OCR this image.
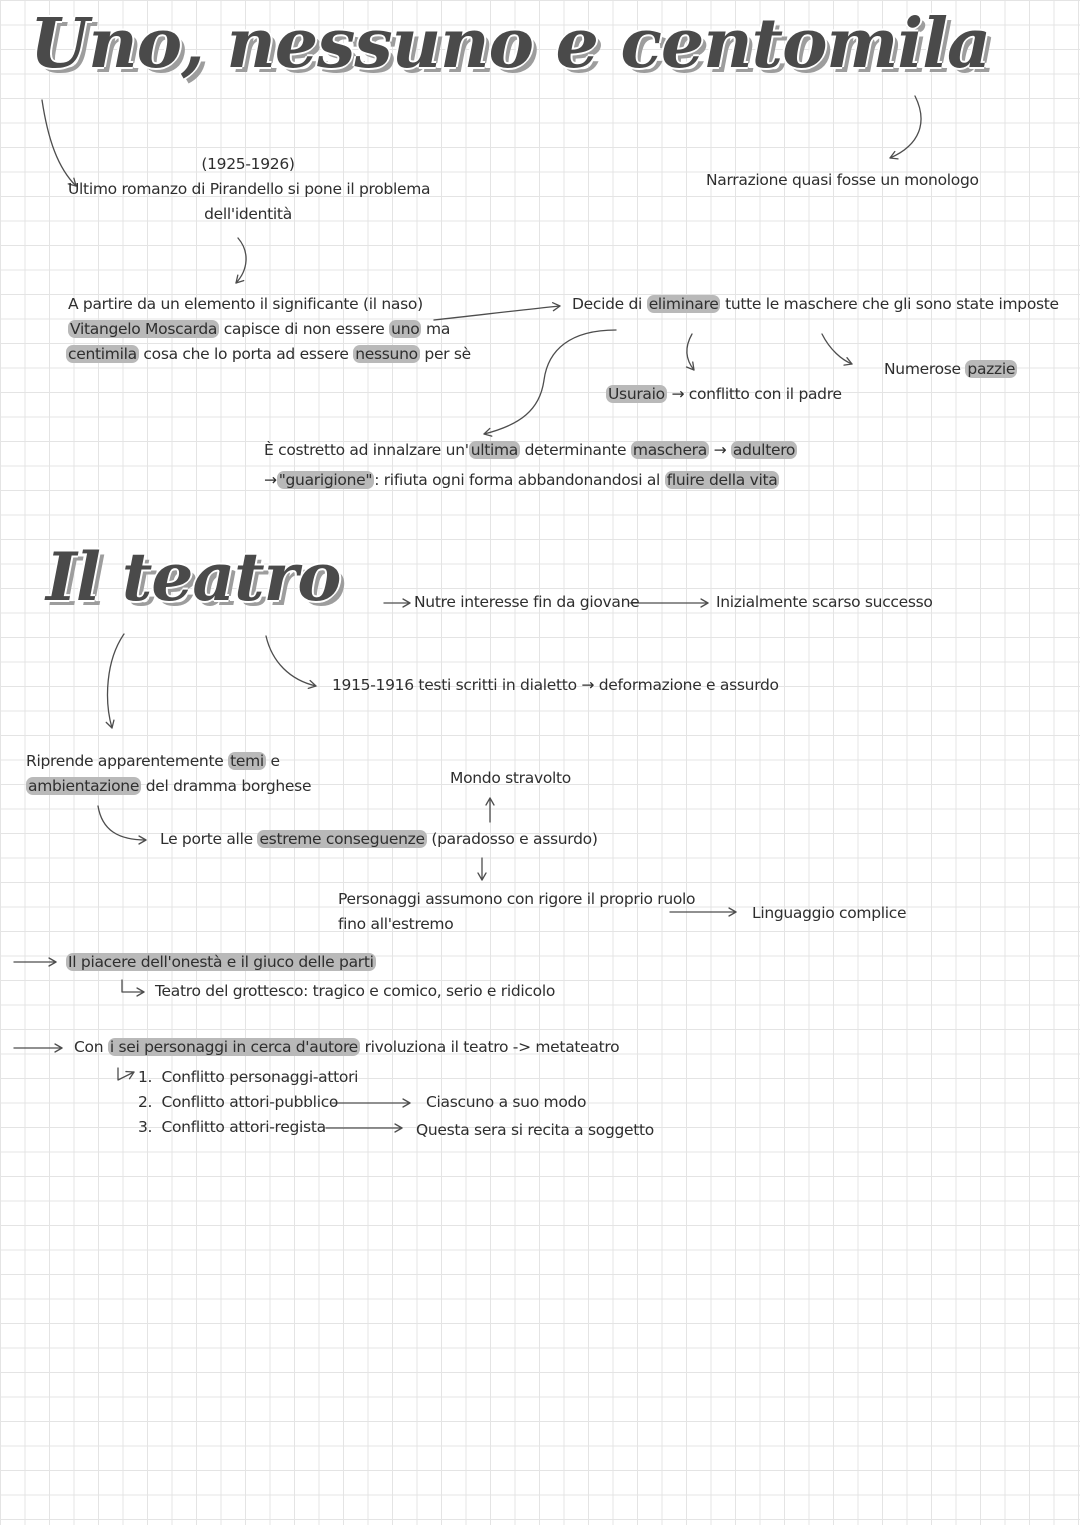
Uno, nessuno e centomila
Il teatro
(1925-1926)
Ultimo romanzo di Pirandello si pone il problema
dell'identità
Narrazione quasi fosse un monologo
A partire da un elemento il significante (il naso)
Vitangelo Moscarda capisce di non essere uno ma
centimila cosa che lo porta ad essere nessuno per sè
Decide di eliminare tutte le maschere che gli sono state imposte
Numerose pazzie
Usuraio → conflitto con il padre
È costretto ad innalzare un' ultima determinante maschera → adultero
→ "guarigione" : rifiuta ogni forma abbandonandosi al fluire della vita
Nutre interesse fin da giovane	Inizialmente scarso successo
1915-1916 testi scritti in dialetto → deformazione e assurdo
Riprende apparentemente temi e
ambientazione del dramma borghese	Mondo stravolto
Le porte alle estreme conseguenze (paradosso e assurdo)
Personaggi assumono con rigore il proprio ruolo
fino all'estremo
Linguaggio complice
Il piacere dell'onestà e il giuco delle parti
Teatro del grottesco: tragico e comico, serio e ridicolo
Con i sei personaggi in cerca d'autore rivoluziona il teatro -> metateatro
1. Conflitto personaggi-attori
2. Conflitto attori-pubblico
3. Conflitto attori-regista
Ciascuno a suo modo
Questa sera si recita a soggetto
